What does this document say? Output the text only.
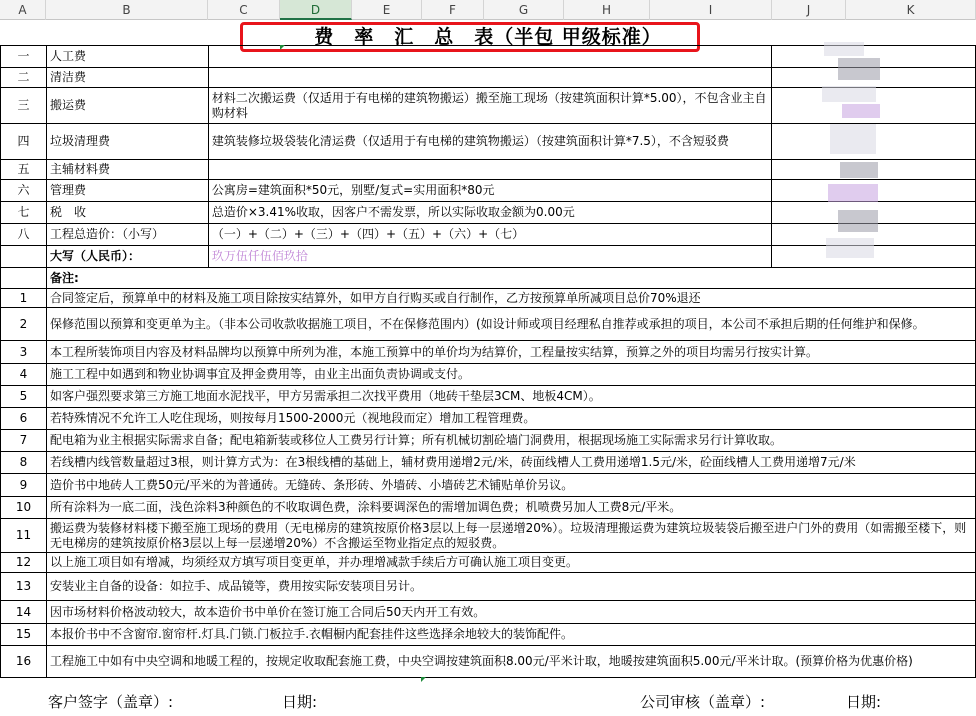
A	B	C	D	E	F	G	H	I	J	K
费　率　汇　总　表（半包 甲级标准）
一	人工费		
二	清洁费		
三	搬运费	材料二次搬运费（仅适用于有电梯的建筑物搬运）搬至施工现场（按建筑面积计算*5.00），不包含业主自购材料	
四	垃圾清理费	建筑装修垃圾袋装化清运费（仅适用于有电梯的建筑物搬运）（按建筑面积计算*7.5），不含短驳费	
五	主辅材料费		
六	管理费	公寓房=建筑面积*50元，别墅/复式=实用面积*80元	
七	税　收	总造价×3.41%收取，因客户不需发票，所以实际收取金额为0.00元	
八	工程总造价：（小写）	（一）+（二）+（三）+（四）+（五）+（六）+（七）	
	大写（人民币）：	玖万伍仟伍佰玖拾	
	备注:		
1	合同签定后，预算单中的材料及施工项目除按实结算外，如甲方自行购买或自行制作，乙方按预算单所减项目总价70%退还		
2	保修范围以预算和变更单为主。（非本公司收款收据施工项目，不在保修范围内）(如设计师或项目经理私自推荐或承担的项目，本公司不承担后期的任何维护和保修。		
3	本工程所装饰项目内容及材料品牌均以预算中所列为准，本施工预算中的单价均为结算价，工程量按实结算，预算之外的项目均需另行按实计算。		
4	施工工程中如遇到和物业协调事宜及押金费用等，由业主出面负责协调或支付。		
5	如客户强烈要求第三方施工地面水泥找平，甲方另需承担二次找平费用（地砖干垫层3CM、地板4CM）。		
6	若特殊情况不允许工人吃住现场，则按每月1500-2000元（视地段而定）增加工程管理费。		
7	配电箱为业主根据实际需求自备；配电箱新装或移位人工费另行计算；所有机械切割砼墙门洞费用，根据现场施工实际需求另行计算收取。		
8	若线槽内线管数量超过3根，则计算方式为：在3根线槽的基础上，辅材费用递增2元/米，砖面线槽人工费用递增1.5元/米，砼面线槽人工费用递增7元/米		
9	造价书中地砖人工费50元/平米的为普通砖。无缝砖、条形砖、外墙砖、小墙砖艺术铺贴单价另议。		
10	所有涂料为一底二面，浅色涂料3种颜色的不收取调色费，涂料要调深色的需增加调色费；机喷费另加人工费8元/平米。		
11	搬运费为装修材料楼下搬至施工现场的费用（无电梯房的建筑按原价格3层以上每一层递增20%）。垃圾清理搬运费为建筑垃圾装袋后搬至进户门外的费用（如需搬至楼下，则无电梯房的建筑按原价格3层以上每一层递增20%）不含搬运至物业指定点的短驳费。		
12	以上施工项目如有增减，均须经双方填写项目变更单，并办理增减款手续后方可确认施工项目变更。		
13	安装业主自备的设备：如拉手、成品镜等，费用按实际安装项目另计。		
14	因市场材料价格波动较大，故本造价书中单价在签订施工合同后50天内开工有效。		
15	本报价书中不含窗帘.窗帘杆.灯具.门锁.门板拉手.衣帽橱内配套挂件这些选择余地较大的装饰配件。		
16	工程施工中如有中央空调和地暖工程的，按规定收取配套施工费，中央空调按建筑面积8.00元/平米计取，地暖按建筑面积5.00元/平米计取。(预算价格为优惠价格)		
客户签字（盖章）:	日期:	公司审核（盖章）:	日期:
